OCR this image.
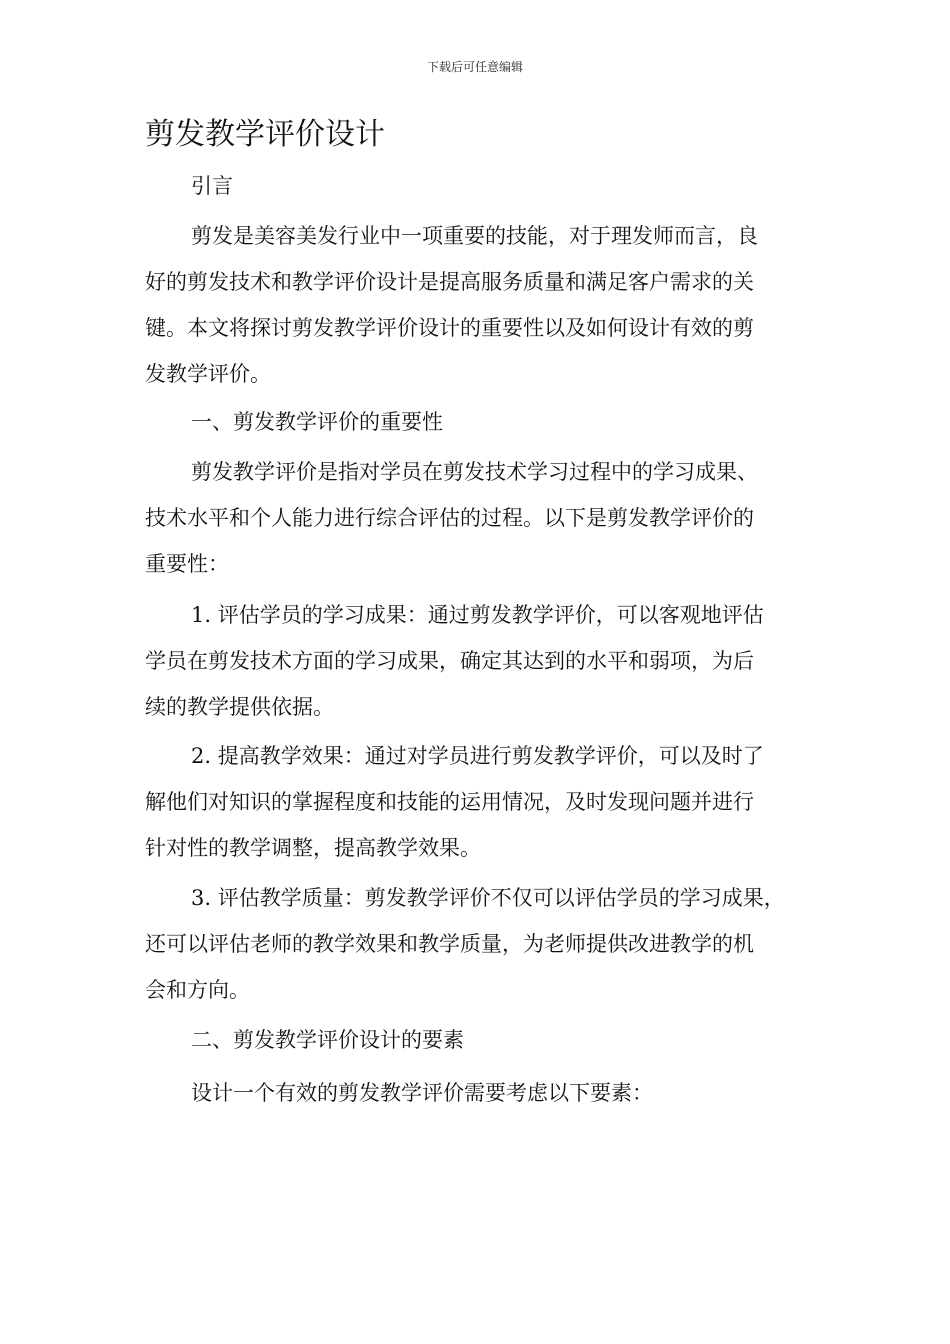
下载后可任意编辑
剪发教学评价设计

引言

剪发是美容美发行业中一项重要的技能，对于理发师而言，良
好的剪发技术和教学评价设计是提高服务质量和满足客户需求的关
键。本文将探讨剪发教学评价设计的重要性以及如何设计有效的剪
发教学评价。

一、剪发教学评价的重要性

剪发教学评价是指对学员在剪发技术学习过程中的学习成果、
技术水平和个人能力进行综合评估的过程。以下是剪发教学评价的
重要性：

1. 评估学员的学习成果：通过剪发教学评价，可以客观地评估
学员在剪发技术方面的学习成果，确定其达到的水平和弱项，为后
续的教学提供依据。

2. 提高教学效果：通过对学员进行剪发教学评价，可以及时了
解他们对知识的掌握程度和技能的运用情况，及时发现问题并进行
针对性的教学调整，提高教学效果。

3. 评估教学质量：剪发教学评价不仅可以评估学员的学习成果，
还可以评估老师的教学效果和教学质量，为老师提供改进教学的机
会和方向。

二、剪发教学评价设计的要素

设计一个有效的剪发教学评价需要考虑以下要素：
